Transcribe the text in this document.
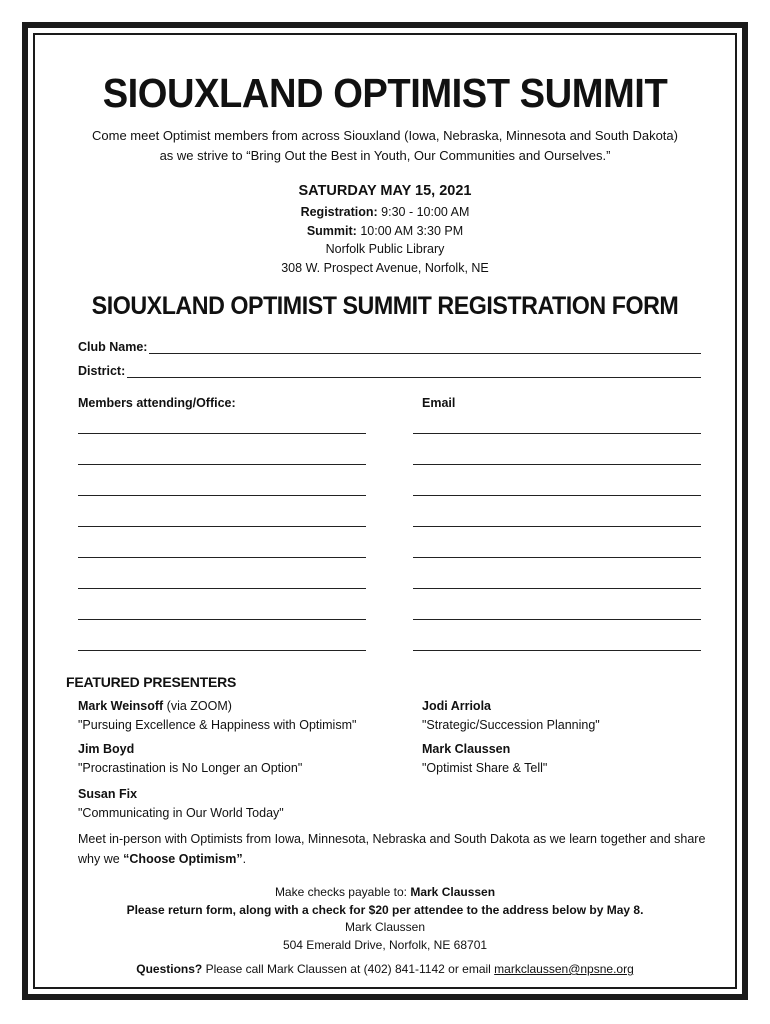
SIOUXLAND OPTIMIST SUMMIT
Come meet Optimist members from across Siouxland (Iowa, Nebraska, Minnesota and South Dakota)
as we strive to “Bring Out the Best in Youth, Our Communities and Ourselves.”
SATURDAY MAY 15, 2021
Registration: 9:30 - 10:00 AM
Summit: 10:00 AM 3:30 PM
Norfolk Public Library
308 W. Prospect Avenue, Norfolk, NE
SIOUXLAND OPTIMIST SUMMIT REGISTRATION FORM
Club Name:
District:
Members attending/Office:	Email
FEATURED PRESENTERS
Mark Weinsoff (via ZOOM)
"Pursuing Excellence & Happiness with Optimism"
Jodi Arriola
"Strategic/Succession Planning"
Jim Boyd
"Procrastination is No Longer an Option"
Mark Claussen
"Optimist Share & Tell"
Susan Fix
"Communicating in Our World Today"
Meet in-person with Optimists from Iowa, Minnesota, Nebraska and South Dakota as we learn together and share why we “Choose Optimism”.
Make checks payable to: Mark Claussen
Please return form, along with a check for $20 per attendee to the address below by May 8.
Mark Claussen
504 Emerald Drive, Norfolk, NE 68701
Questions? Please call Mark Claussen at (402) 841-1142 or email markclaussen@npsne.org
